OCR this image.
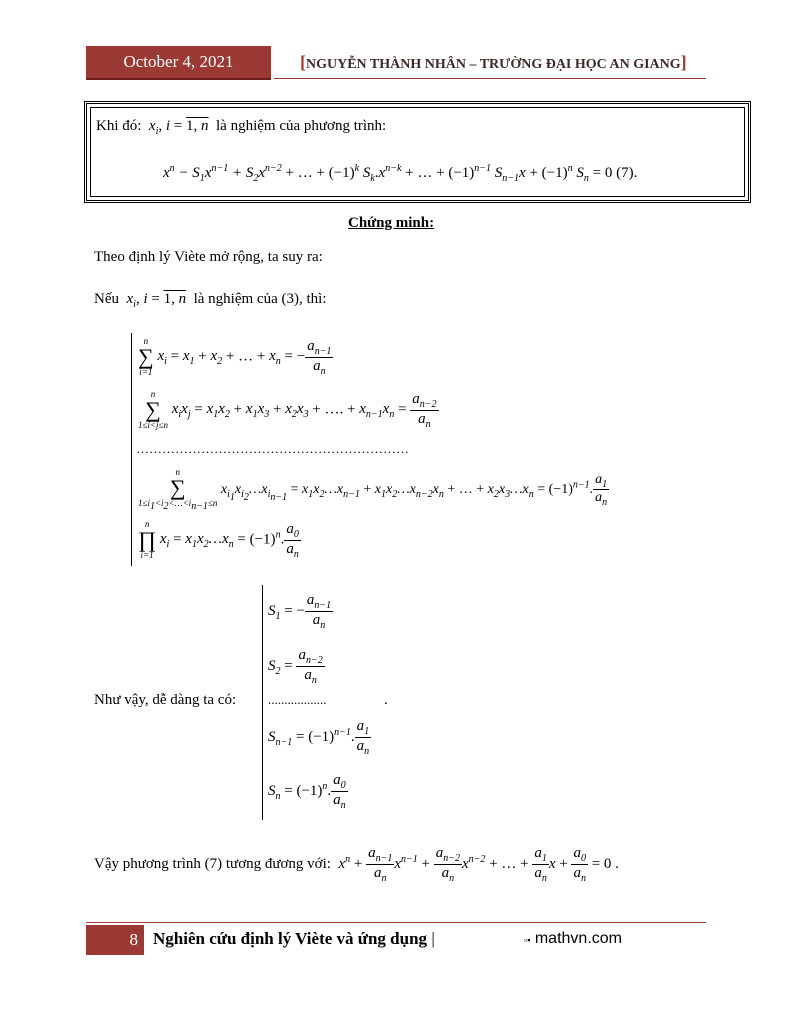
October 4, 2021	[NGUYỄN THÀNH NHÂN – TRƯỜNG ĐẠI HỌC AN GIANG]
Khi đó: $x_i$, i = 1, n là nghiệm của phương trình:
$x^n - S_1x^{n-1} + S_2x^{n-2}$ + … + $(-1)^k$ $S_k.x^{n-k}$ + … + $(-1)^{n-1}$ $S_{n-1}x + (-1)^n$ $S_n = 0$ (7).
Chứng minh:
Theo định lý Viète mở rộng, ta suy ra:
Nếu $x_i$, i = 1, n là nghiệm của (3), thì:
n
∑
i=1
$x_i = x_1 + x_2$ + … + $x_n$ = − $\frac{a_{n-1}}{a_n}$
n
∑
1≤i<j≤n
$x_ix_j = x_1x_2 + x_1x_3 + x_2x_3$ + …. + $x_{n-1}x_n = \frac{a_{n-2}}{a_n}$
………………………………………………………
n
∑
$1\le i_1<i_2<\dots<i_{n-1}\le n$
$x_{i_1}x_{i_2}\dots x_{i_{n-1}}$ = $x_1x_2\dots x_{n-1}$ + $x_1x_2\dots x_{n-2}x_n$ + … + $x_2x_3\dots x_n = (-1)^{n-1}$. $\frac{a_1}{a_n}$
n
∏
i=1
$x_i$ = $x_1x_2\dots x_n = (-1)^n$. $\frac{a_0}{a_n}$
Như vậy, dễ dàng ta có:
$S_1$ = − $\frac{a_{n-1}}{a_n}$
$S_2 = \frac{a_{n-2}}{a_n}$
..................	.
$S_{n-1} = (-1)^{n-1}$. $\frac{a_1}{a_n}$
$S_n = (-1)^n$. $\frac{a_0}{a_n}$
Vậy phương trình (7) tương đương với: $x^n + \frac{a_{n-1}}{a_n} x^{n-1} + \frac{a_{n-2}}{a_n} x^{n-2}$ + … + $\frac{a_1}{a_n}$ $x + \frac{a_0}{a_n} = 0$ .
8 Nghiên cứu định lý Viète và ứng dụng |	▫▪ mathvn.com
